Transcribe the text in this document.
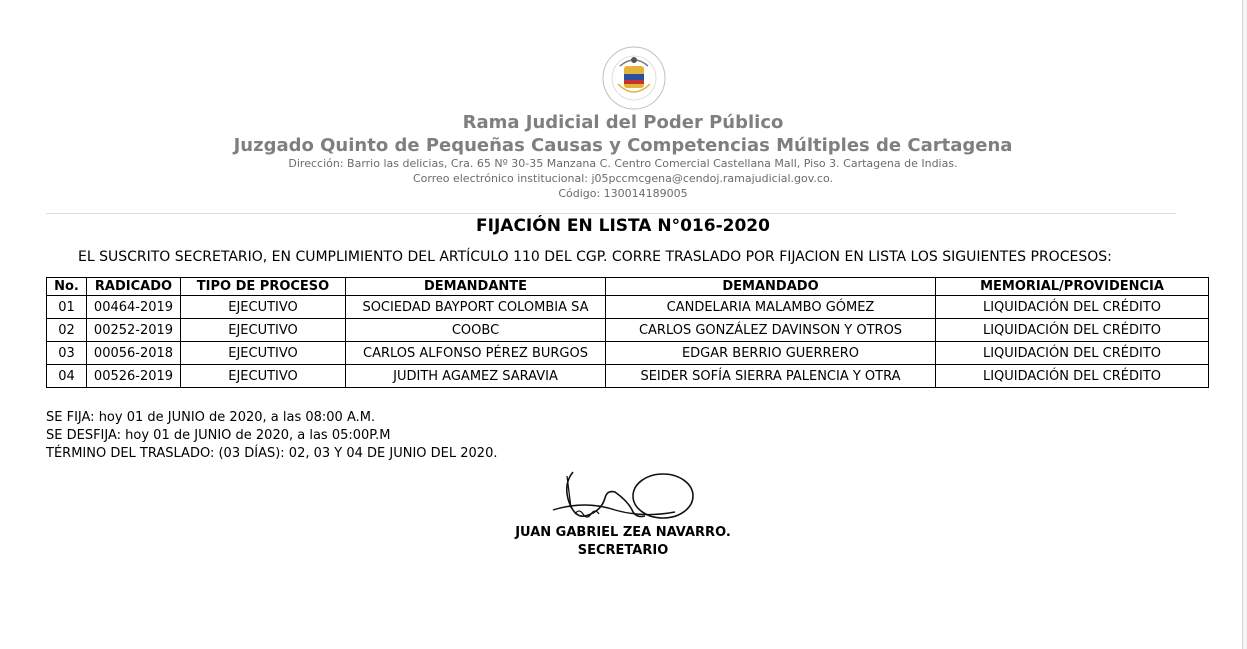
Rama Judicial del Poder Público
Juzgado Quinto de Pequeñas Causas y Competencias Múltiples de Cartagena
Dirección: Barrio las delicias, Cra. 65 Nº 30-35 Manzana C. Centro Comercial Castellana Mall, Piso 3. Cartagena de Indias.
Correo electrónico institucional: j05pccmcgena@cendoj.ramajudicial.gov.co.
Código: 130014189005
FIJACIÓN EN LISTA N°016-2020
EL SUSCRITO SECRETARIO, EN CUMPLIMIENTO DEL ARTÍCULO 110 DEL CGP. CORRE TRASLADO POR FIJACION EN LISTA LOS SIGUIENTES PROCESOS:
No.	RADICADO	TIPO DE PROCESO	DEMANDANTE	DEMANDADO	MEMORIAL/PROVIDENCIA
01	00464-2019	EJECUTIVO	SOCIEDAD BAYPORT COLOMBIA SA	CANDELARIA MALAMBO GÓMEZ	LIQUIDACIÓN DEL CRÉDITO
02	00252-2019	EJECUTIVO	COOBC	CARLOS GONZÁLEZ DAVINSON Y OTROS	LIQUIDACIÓN DEL CRÉDITO
03	00056-2018	EJECUTIVO	CARLOS ALFONSO PÉREZ BURGOS	EDGAR BERRIO GUERRERO	LIQUIDACIÓN DEL CRÉDITO
04	00526-2019	EJECUTIVO	JUDITH AGAMEZ SARAVIA	SEIDER SOFÍA SIERRA PALENCIA Y OTRA	LIQUIDACIÓN DEL CRÉDITO
SE FIJA: hoy 01 de JUNIO de 2020, a las 08:00 A.M.
SE DESFIJA: hoy 01 de JUNIO de 2020, a las 05:00P.M
TÉRMINO DEL TRASLADO: (03 DÍAS): 02, 03 Y 04 DE JUNIO DEL 2020.
JUAN GABRIEL ZEA NAVARRO.
SECRETARIO
